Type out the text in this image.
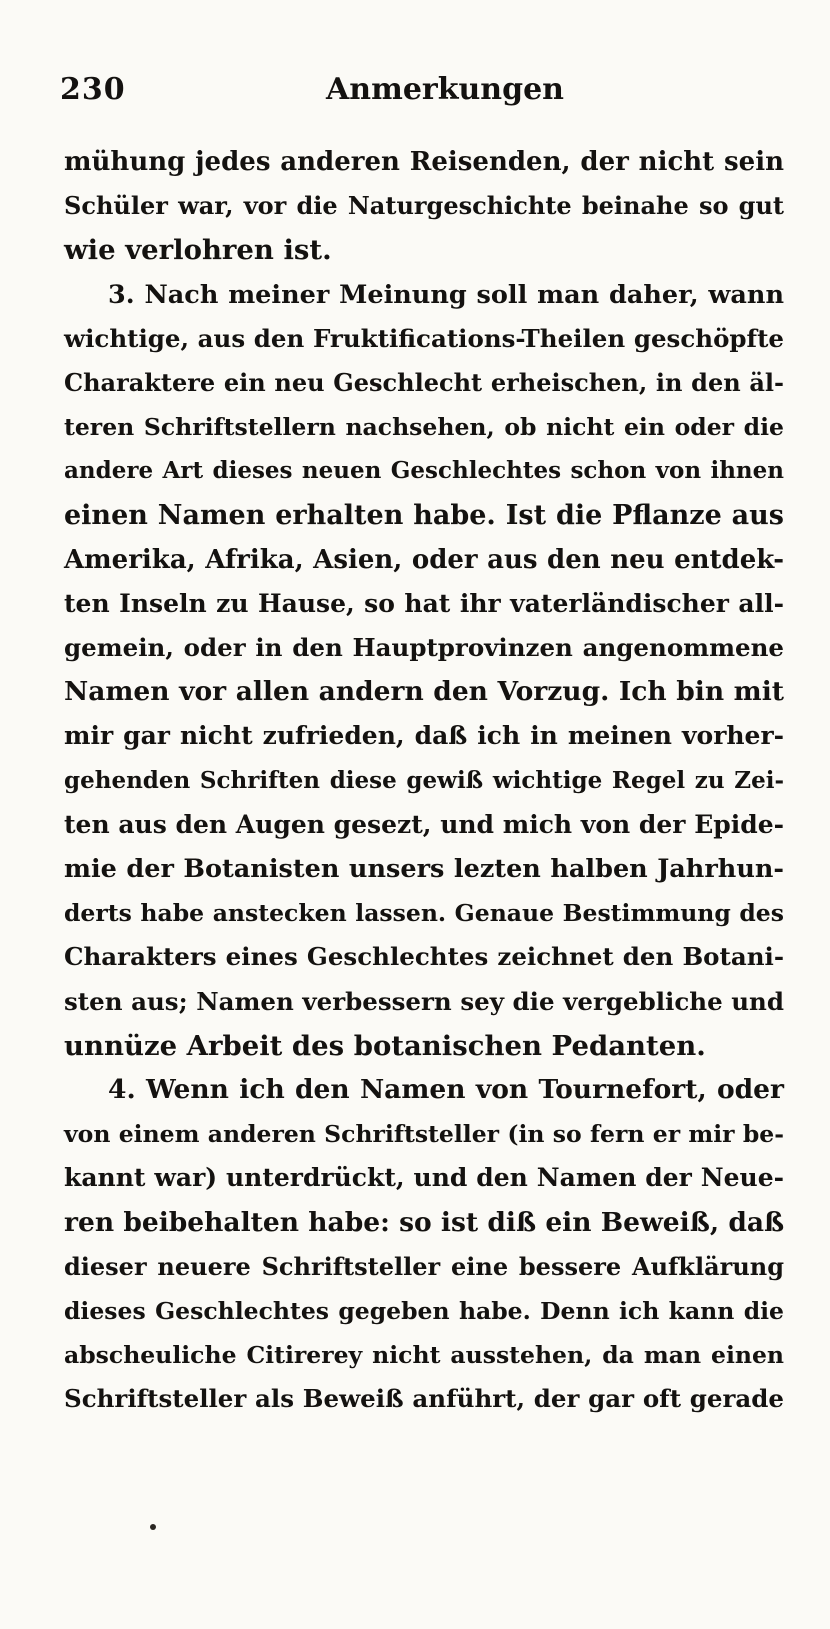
230	Anmerkungen
mühung jedes anderen Reisenden, der nicht sein
Schüler war, vor die Naturgeschichte beinahe so gut
wie verlohren ist.
3. Nach meiner Meinung soll man daher, wann
wichtige, aus den Fruktifications-Theilen geschöpfte
Charaktere ein neu Geschlecht erheischen, in den äl-
teren Schriftstellern nachsehen, ob nicht ein oder die
andere Art dieses neuen Geschlechtes schon von ihnen
einen Namen erhalten habe. Ist die Pflanze aus
Amerika, Afrika, Asien, oder aus den neu entdek-
ten Inseln zu Hause, so hat ihr vaterländischer all-
gemein, oder in den Hauptprovinzen angenommene
Namen vor allen andern den Vorzug. Ich bin mit
mir gar nicht zufrieden, daß ich in meinen vorher-
gehenden Schriften diese gewiß wichtige Regel zu Zei-
ten aus den Augen gesezt, und mich von der Epide-
mie der Botanisten unsers lezten halben Jahrhun-
derts habe anstecken lassen. Genaue Bestimmung des
Charakters eines Geschlechtes zeichnet den Botani-
sten aus; Namen verbessern sey die vergebliche und
unnüze Arbeit des botanischen Pedanten.
4. Wenn ich den Namen von Tournefort, oder
von einem anderen Schriftsteller (in so fern er mir be-
kannt war) unterdrückt, und den Namen der Neue-
ren beibehalten habe: so ist diß ein Beweiß, daß
dieser neuere Schriftsteller eine bessere Aufklärung
dieses Geschlechtes gegeben habe. Denn ich kann die
abscheuliche Citirerey nicht ausstehen, da man einen
Schriftsteller als Beweiß anführt, der gar oft gerade
